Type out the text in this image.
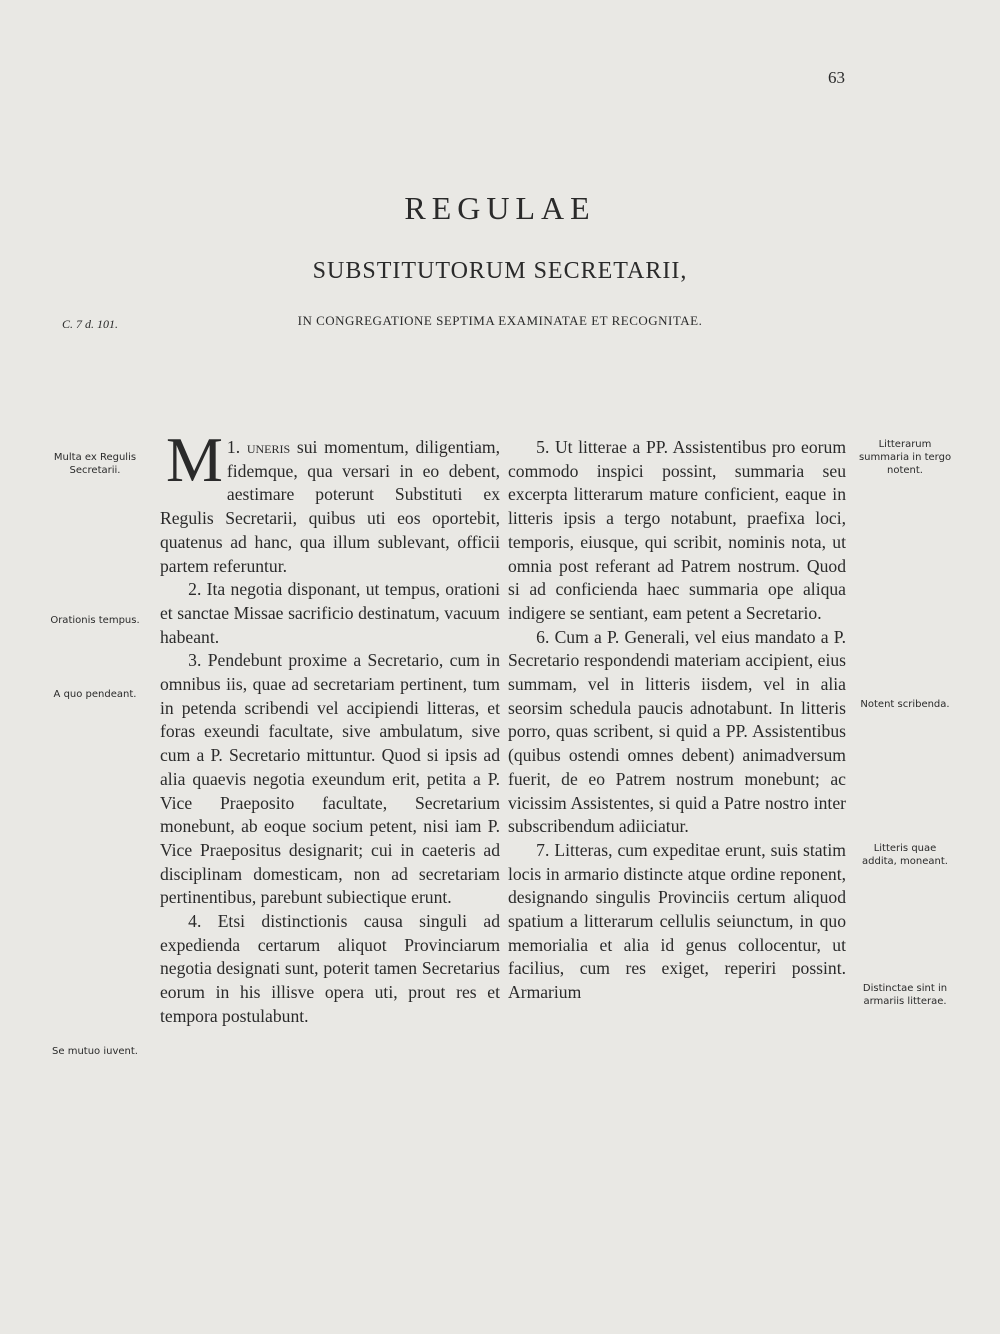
63
REGULAE
SUBSTITUTORUM SECRETARII,
IN CONGREGATIONE SEPTIMA EXAMINATAE ET RECOGNITAE.
C. 7 d. 101.

1.
M uneris sui momentum, diligentiam, fidemque, qua versari in eo debent, aestimare poterunt Substituti ex Regulis Secretarii, quibus uti eos oportebit, quatenus ad hanc, qua illum sublevant, officii partem referuntur.

2. Ita negotia disponant, ut tempus, orationi et sanctae Missae sacrificio destinatum, vacuum habeant.

3. Pendebunt proxime a Secretario, cum in omnibus iis, quae ad secretariam pertinent, tum in petenda scribendi vel accipiendi litteras, et foras exeundi facultate, sive ambulatum, sive cum a P. Secretario mittuntur. Quod si ipsis ad alia quaevis negotia exeundum erit, petita a P. Vice Praeposito facultate, Secretarium monebunt, ab eoque socium petent, nisi iam P. Vice Praepositus designarit; cui in caeteris ad disciplinam domesticam, non ad secretariam pertinentibus, parebunt subiectique erunt.

4. Etsi distinctionis causa singuli ad expedienda certarum aliquot Provinciarum negotia designati sunt, poterit tamen Secretarius eorum in his illisve opera uti, prout res et tempora postulabunt.

5. Ut litterae a PP. Assistentibus pro eorum commodo inspici possint, summaria seu excerpta litterarum mature conficient, eaque in litteris ipsis a tergo notabunt, praefixa loci, temporis, eiusque, qui scribit, nominis nota, ut omnia post referant ad Patrem nostrum. Quod si ad conficienda haec summaria ope aliqua indigere se sentiant, eam petent a Secretario.

6. Cum a P. Generali, vel eius mandato a P. Secretario respondendi materiam accipient, eius summam, vel in litteris iisdem, vel in alia seorsim schedula paucis adnotabunt. In litteris porro, quas scribent, si quid a PP. Assistentibus (quibus ostendi omnes debent) animadversum fuerit, de eo Patrem nostrum monebunt; ac vicissim Assistentes, si quid a Patre nostro inter subscribendum adiiciatur.

7. Litteras, cum expeditae erunt, suis statim locis in armario distincte atque ordine reponent, designando singulis Provinciis certum aliquod spatium a litterarum cellulis seiunctum, in quo memorialia et alia id genus collocentur, ut facilius, cum res exiget, reperiri possint. Armarium

Multa ex Regulis Secretarii.
Orationis tempus.
A quo pendeant.
Se mutuo iuvent.
Litterarum summaria in tergo notent.
Notent scribenda.
Litteris quae addita, moneant.
Distinctae sint in armariis litterae.
